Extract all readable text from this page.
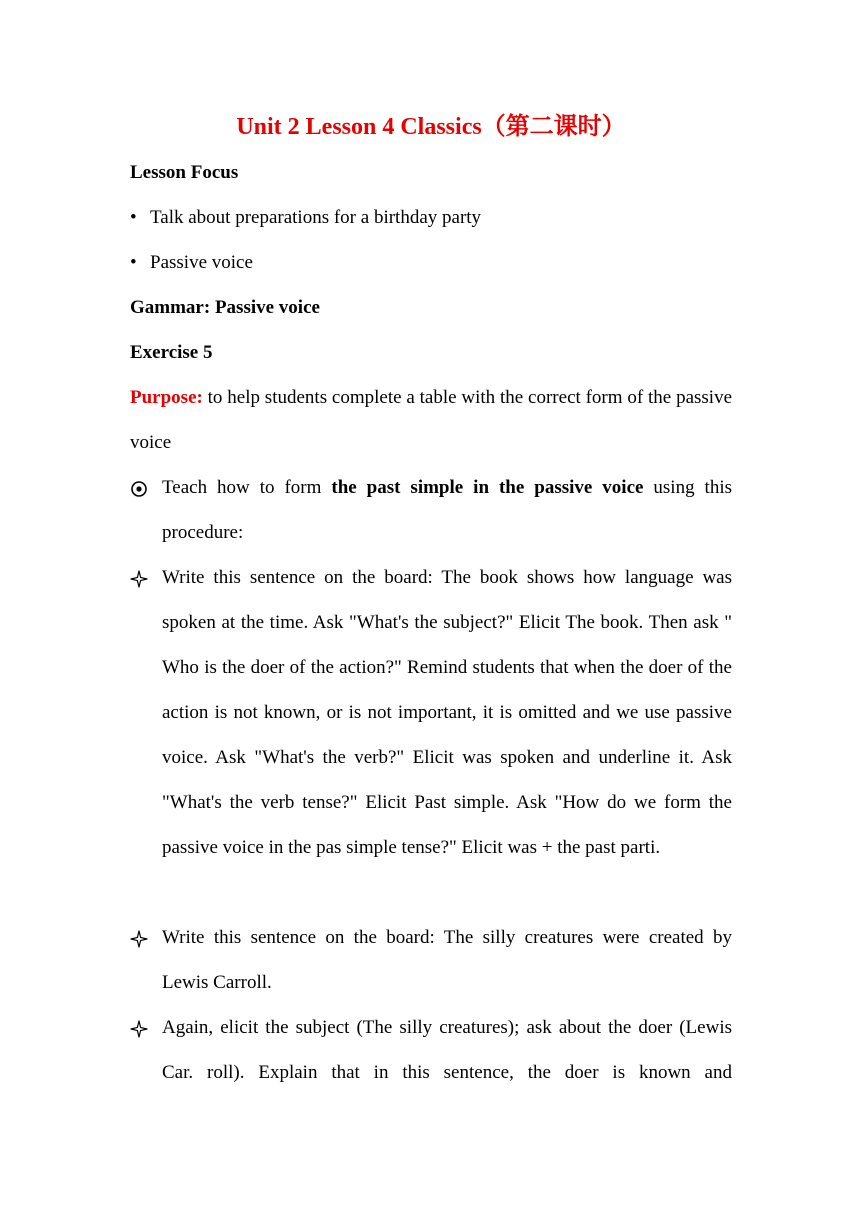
Unit 2 Lesson 4 Classics（第二课时）

Lesson Focus

• Talk about preparations for a birthday party

• Passive voice

Gammar: Passive voice

Exercise 5

Purpose: to help students complete a table with the correct form of the passive voice

Teach how to form the past simple in the passive voice using this procedure:

Write this sentence on the board: The book shows how language was spoken at the time. Ask "What's the subject?" Elicit The book. Then ask " Who is the doer of the action?" Remind students that when the doer of the action is not known, or is not important, it is omitted and we use passive voice. Ask "What's the verb?" Elicit was spoken and underline it. Ask "What's the verb tense?" Elicit Past simple. Ask "How do we form the passive voice in the pas simple tense?" Elicit was + the past parti.

Write this sentence on the board: The silly creatures were created by Lewis Carroll.

Again, elicit the subject (The silly creatures); ask about the doer (Lewis Car. roll). Explain that in this sentence, the doer is known and
